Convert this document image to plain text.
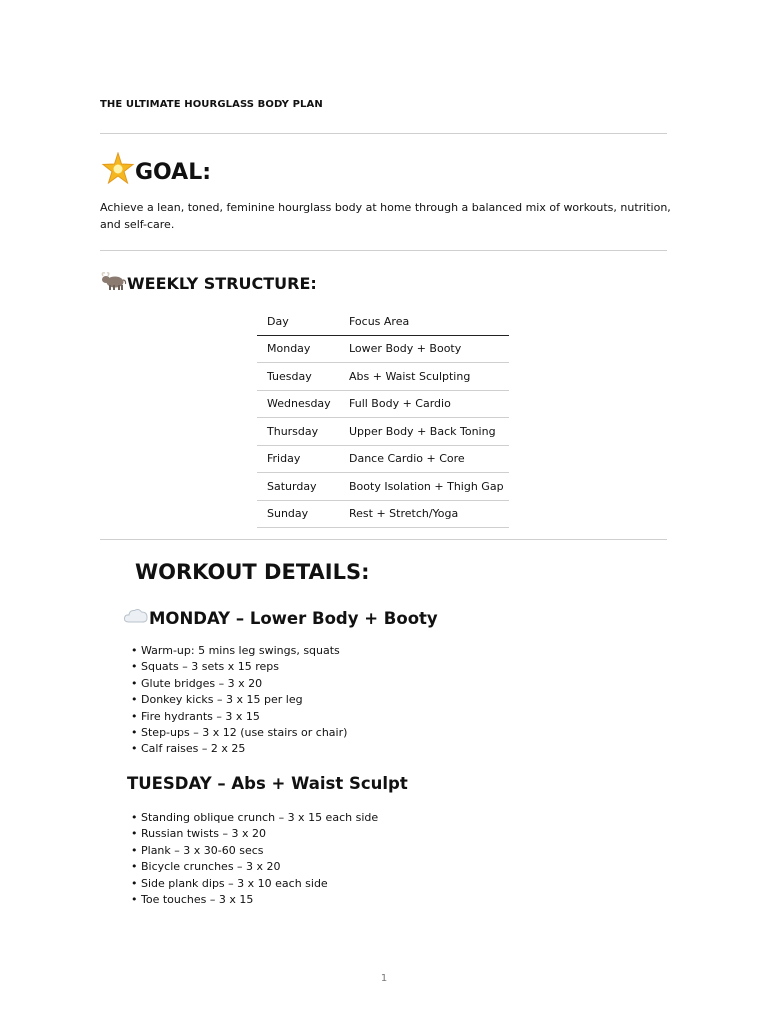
THE ULTIMATE HOURGLASS BODY PLAN
GOAL:
Achieve a lean, toned, feminine hourglass body at home through a balanced mix of workouts, nutrition, and self-care.
WEEKLY STRUCTURE:
Day	Focus Area
Monday	Lower Body + Booty
Tuesday	Abs + Waist Sculpting
Wednesday	Full Body + Cardio
Thursday	Upper Body + Back Toning
Friday	Dance Cardio + Core
Saturday	Booty Isolation + Thigh Gap
Sunday	Rest + Stretch/Yoga
WORKOUT DETAILS:
MONDAY – Lower Body + Booty
• Warm-up: 5 mins leg swings, squats
• Squats – 3 sets x 15 reps
• Glute bridges – 3 x 20
• Donkey kicks – 3 x 15 per leg
• Fire hydrants – 3 x 15
• Step-ups – 3 x 12 (use stairs or chair)
• Calf raises – 2 x 25
TUESDAY – Abs + Waist Sculpt
• Standing oblique crunch – 3 x 15 each side
• Russian twists – 3 x 20
• Plank – 3 x 30-60 secs
• Bicycle crunches – 3 x 20
• Side plank dips – 3 x 10 each side
• Toe touches – 3 x 15
1
